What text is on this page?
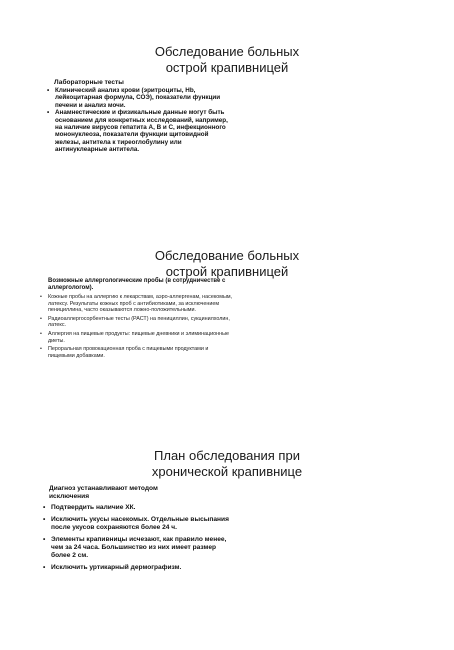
Обследование больных
острой крапивницей

Лабораторные тесты

• Клинический анализ крови (эритроциты, Hb, лейкоцитарная формула, СОЭ), показатели функции печени и анализ мочи.
• Анамнестические и физикальные данные могут быть основанием для конкретных исследований, например, на наличие вирусов гепатита А, В и С, инфекционного мононуклеоза, показатели функции щитовидной железы, антитела к тиреоглобулину или антинуклеарные антитела.
Обследование больных
острой крапивницей

Возможные аллергологические пробы (в сотрудничестве с аллергологом).

• Кожные пробы на аллергию к лекарствам, аэро-аллергенам, насекомым, латексу. Результаты кожных проб с антибиотиками, за исключением пенициллина, часто оказываются ложно-положительными.
• Радиоаллергосорбентные тесты (РАСТ) на пенициллин, сукцинилхолин, латекс.
• Аллергия на пищевые продукты: пищевые дневники и элиминационные диеты.
• Пероральная провокационная проба с пищевыми продуктами и пищевыми добавками.
План обследования при
хронической крапивнице

Диагноз устанавливают методом исключения

• Подтвердить наличие ХК.
• Исключить укусы насекомых. Отдельные высыпания после укусов сохраняются более 24 ч.
• Элементы крапивницы исчезают, как правило менее, чем за 24 часа. Большинство из них имеет размер более 2 см.
• Исключить уртикарный дермографизм.
